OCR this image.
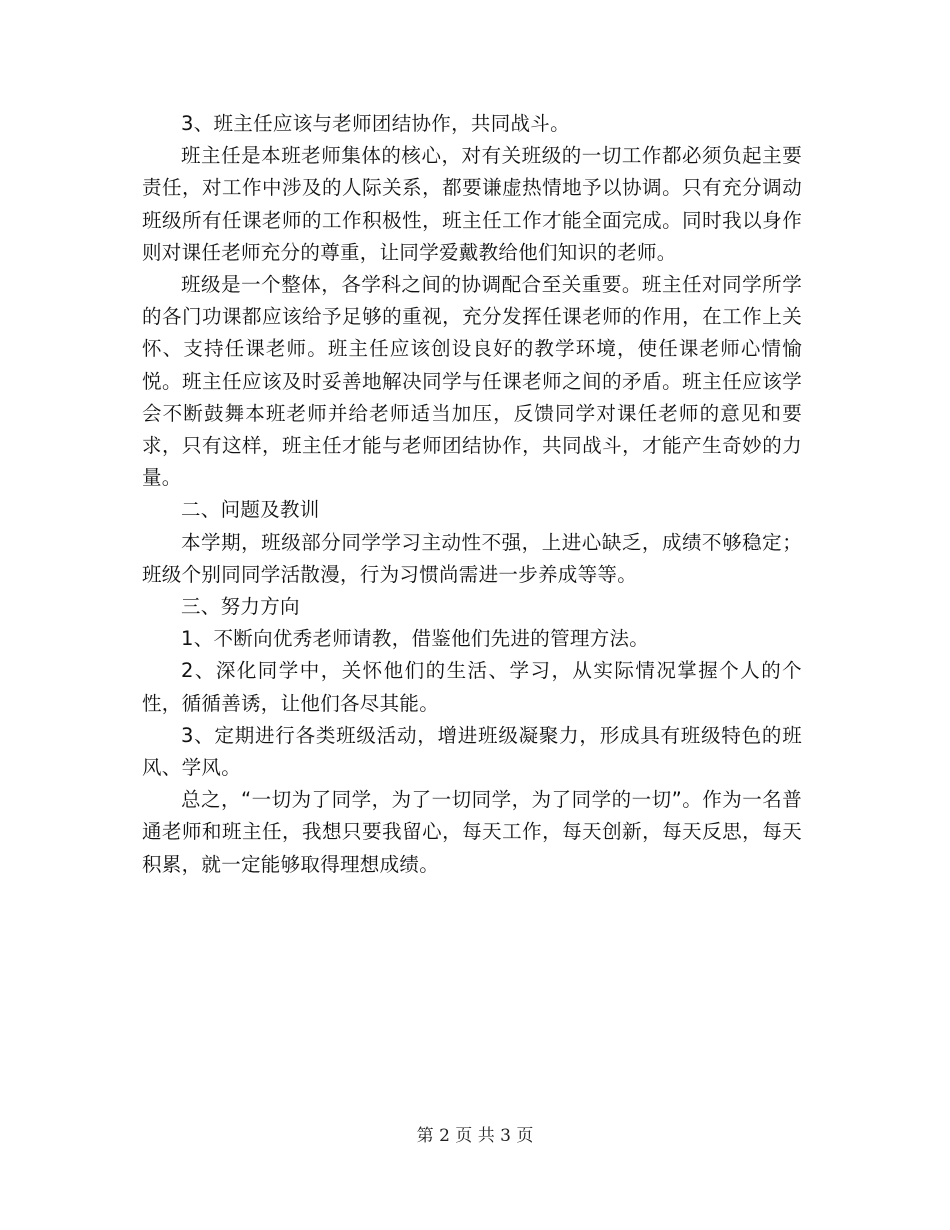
3、班主任应该与老师团结协作，共同战斗。

班主任是本班老师集体的核心，对有关班级的一切工作都必须负起主要责任，对工作中涉及的人际关系，都要谦虚热情地予以协调。只有充分调动班级所有任课老师的工作积极性，班主任工作才能全面完成。同时我以身作则对课任老师充分的尊重，让同学爱戴教给他们知识的老师。

班级是一个整体，各学科之间的协调配合至关重要。班主任对同学所学的各门功课都应该给予足够的重视，充分发挥任课老师的作用，在工作上关怀、支持任课老师。班主任应该创设良好的教学环境，使任课老师心情愉悦。班主任应该及时妥善地解决同学与任课老师之间的矛盾。班主任应该学会不断鼓舞本班老师并给老师适当加压，反馈同学对课任老师的意见和要求，只有这样，班主任才能与老师团结协作，共同战斗，才能产生奇妙的力量。

二、问题及教训

本学期，班级部分同学学习主动性不强，上进心缺乏，成绩不够稳定；班级个别同同学活散漫，行为习惯尚需进一步养成等等。

三、努力方向

1、不断向优秀老师请教，借鉴他们先进的管理方法。

2、深化同学中，关怀他们的生活、学习，从实际情况掌握个人的个性，循循善诱，让他们各尽其能。

3、定期进行各类班级活动，增进班级凝聚力，形成具有班级特色的班风、学风。

总之，“一切为了同学，为了一切同学，为了同学的一切”。作为一名普通老师和班主任，我想只要我留心，每天工作，每天创新，每天反思，每天积累，就一定能够取得理想成绩。

第 2 页 共 3 页
